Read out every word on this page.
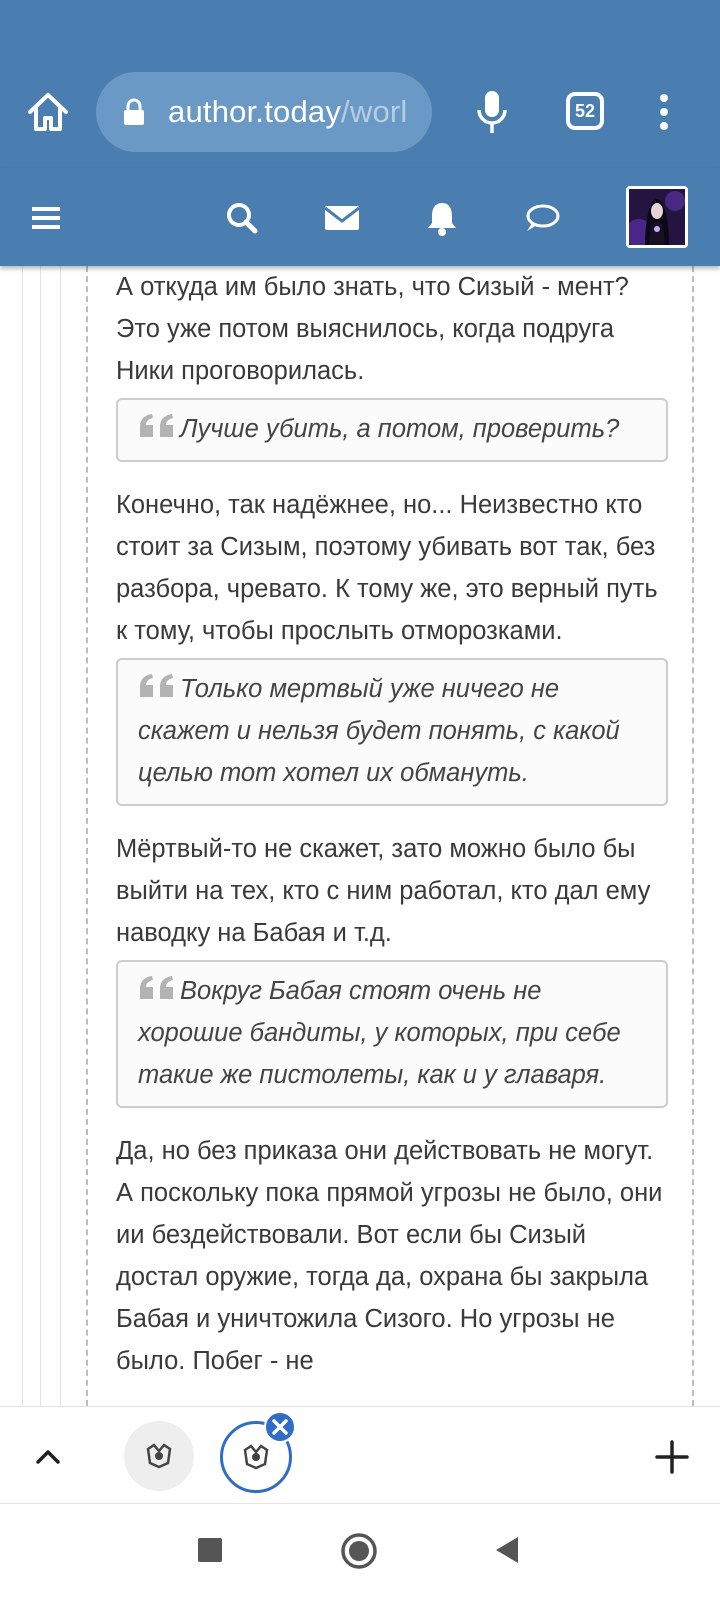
author.today/worl	52

А откуда им было знать, что Сизый - мент? Это уже потом выяснилось, когда подруга Ники проговорилась.

Лучше убить, а потом, проверить?

Конечно, так надёжнее, но... Неизвестно кто стоит за Сизым, поэтому убивать вот так, без разбора, чревато. К тому же, это верный путь к тому, чтобы прослыть отморозками.

Только мертвый уже ничего не скажет и нельзя будет понять, с какой целью тот хотел их обмануть.

Мёртвый-то не скажет, зато можно было бы выйти на тех, кто с ним работал, кто дал ему наводку на Бабая и т.д.

Вокруг Бабая стоят очень не хорошие бандиты, у которых, при себе такие же пистолеты, как и у главаря.

Да, но без приказа они действовать не могут. А поскольку пока прямой угрозы не было, они ии бездействовали. Вот если бы Сизый достал оружие, тогда да, охрана бы закрыла Бабая и уничтожила Сизого. Но угрозы не было. Побег - не
